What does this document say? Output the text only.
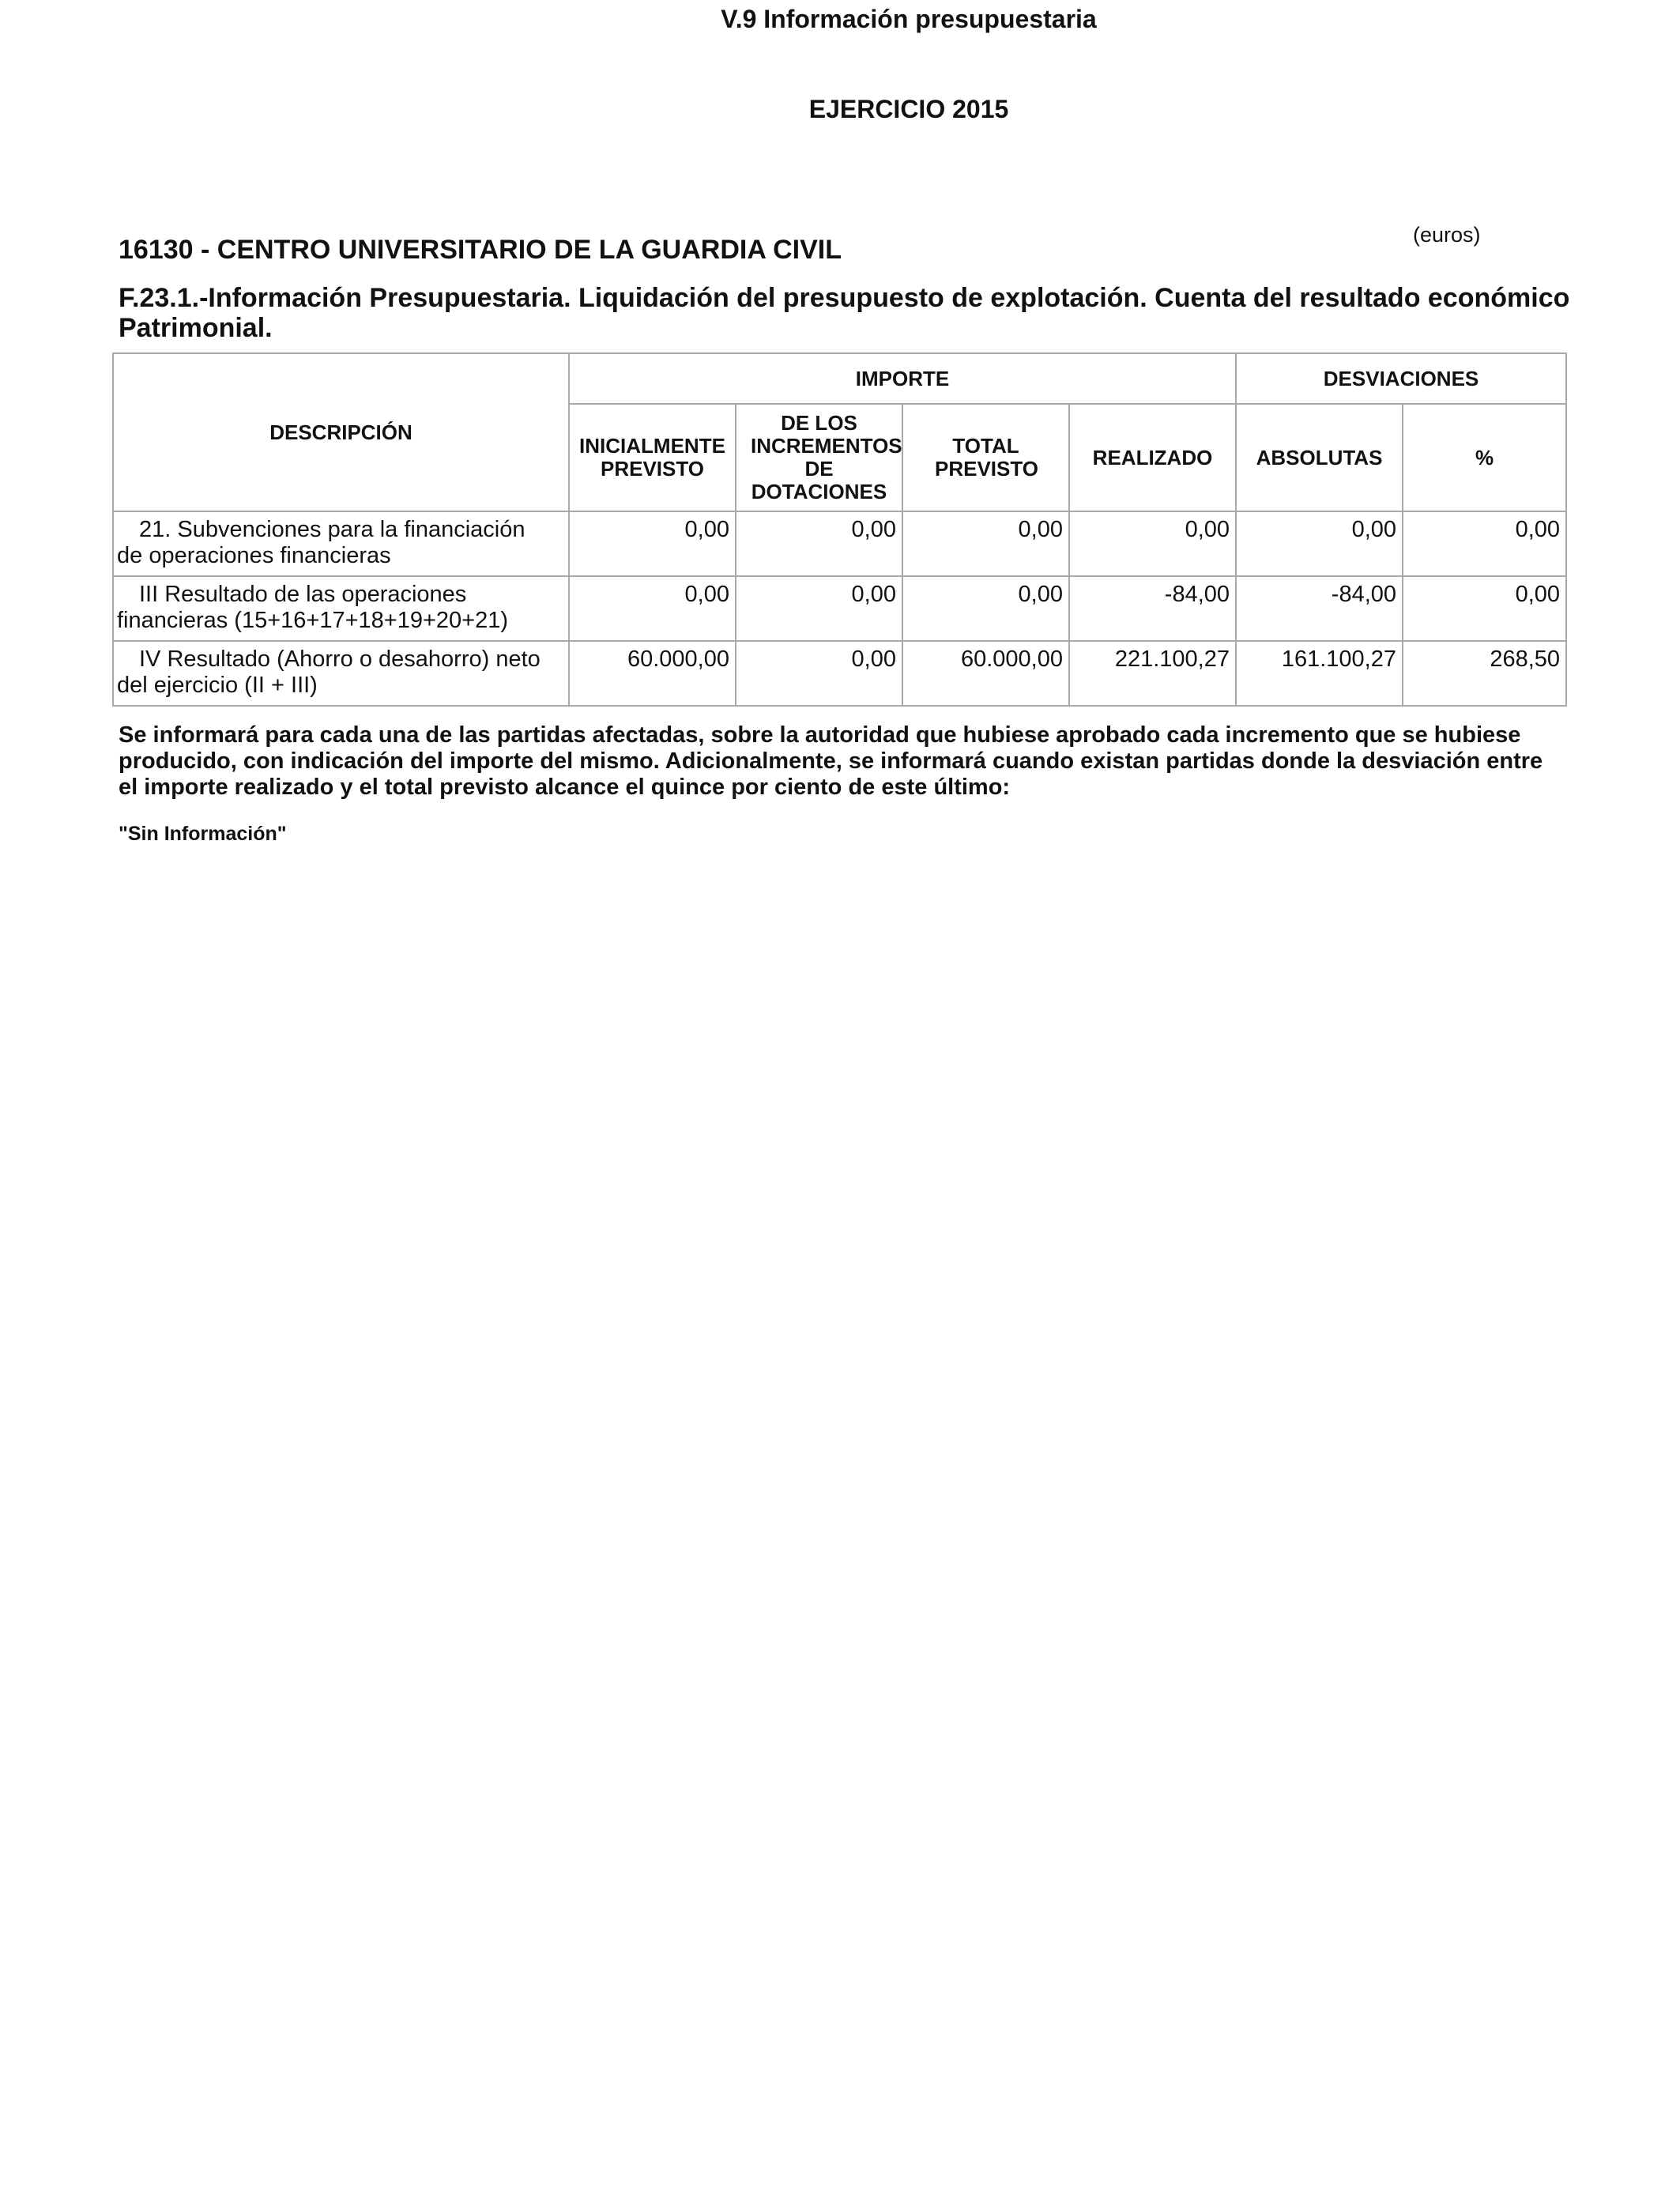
V.9 Información presupuestaria
EJERCICIO 2015
(euros)
16130 - CENTRO UNIVERSITARIO DE LA GUARDIA CIVIL
F.23.1.-Información Presupuestaria. Liquidación del presupuesto de explotación. Cuenta del resultado económico Patrimonial.
DESCRIPCIÓN	IMPORTE				DESVIACIONES	
	INICIALMENTE PREVISTO	DE LOS INCREMENTOS DE DOTACIONES	TOTAL PREVISTO	REALIZADO	ABSOLUTAS	%

21. Subvenciones para la financiación
de operaciones financieras	0,00	0,00	0,00	0,00	0,00	0,00

III Resultado de las operaciones
financieras (15+16+17+18+19+20+21)	0,00	0,00	0,00	-84,00	-84,00	0,00

IV Resultado (Ahorro o desahorro) neto
del ejercicio (II + III)	60.000,00	0,00	60.000,00	221.100,27	161.100,27	268,50
Se informará para cada una de las partidas afectadas, sobre la autoridad que hubiese aprobado cada incremento que se hubiese producido, con indicación del importe del mismo. Adicionalmente, se informará cuando existan partidas donde la desviación entre el importe realizado y el total previsto alcance el quince por ciento de este último:
"Sin Información"
